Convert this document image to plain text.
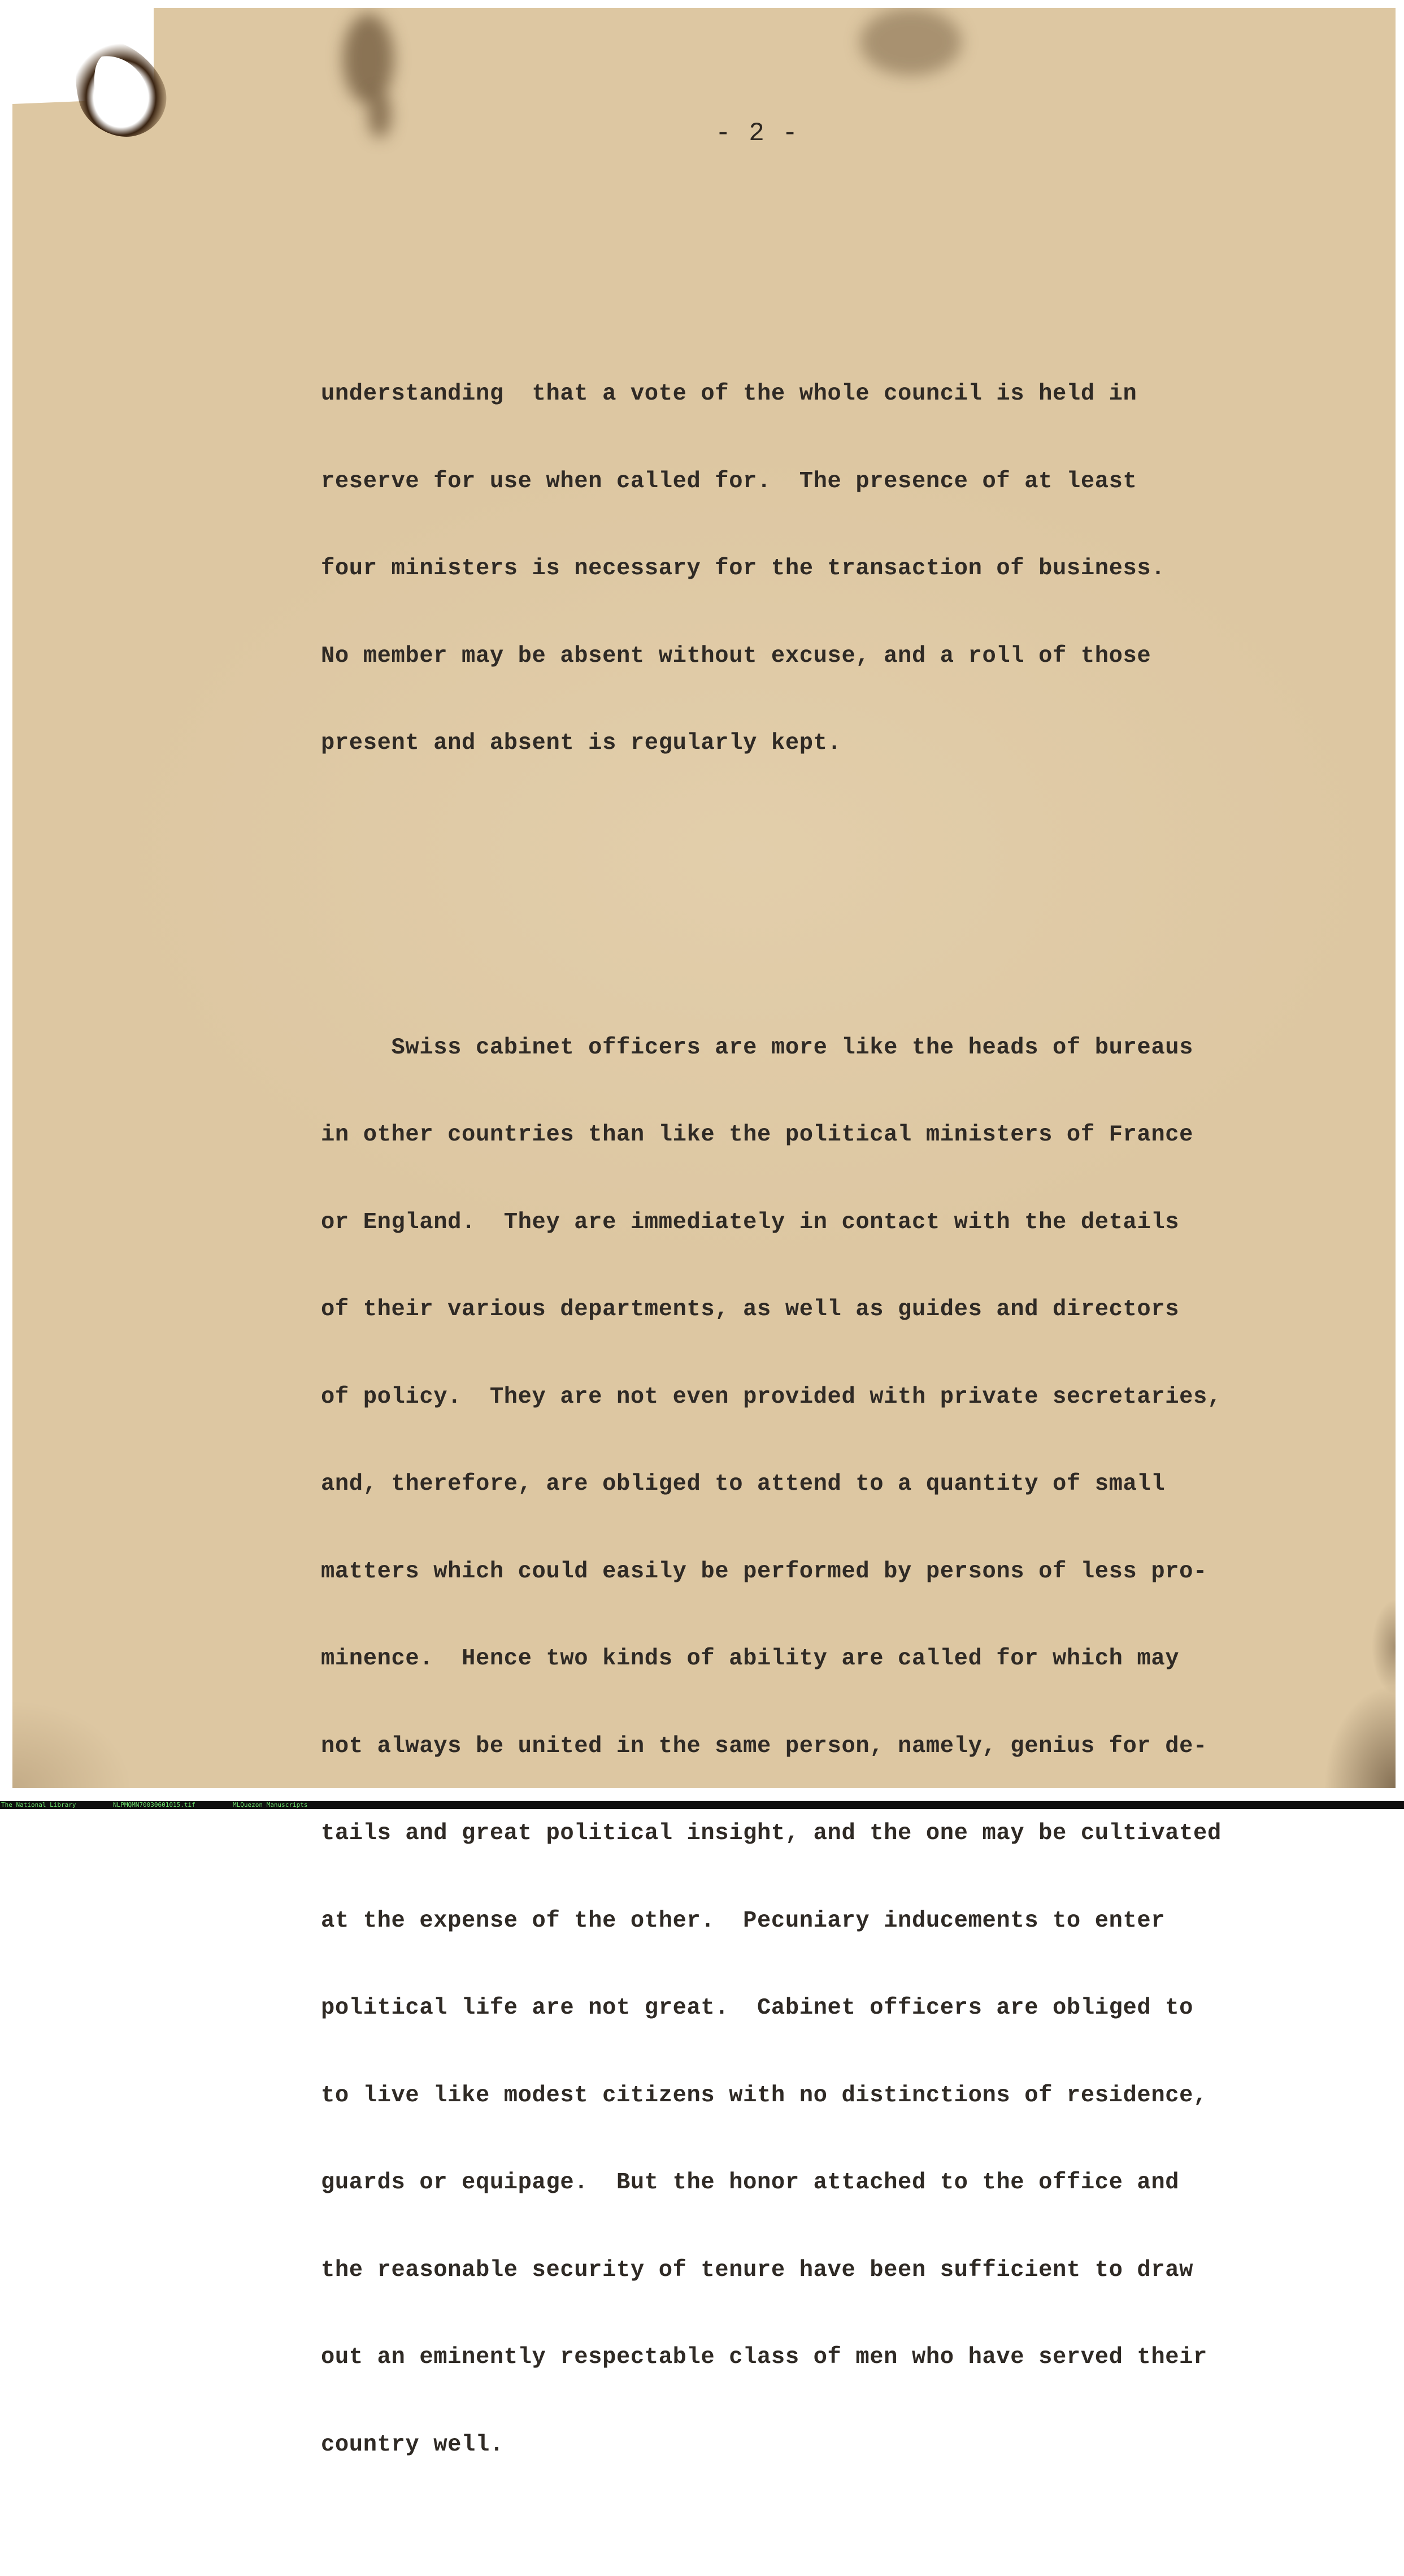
- 2 -

understanding  that a vote of the whole council is held in

reserve for use when called for.  The presence of at least

four ministers is necessary for the transaction of business.

No member may be absent without excuse, and a roll of those

present and absent is regularly kept.

Swiss cabinet officers are more like the heads of bureaus

in other countries than like the political ministers of France

or England.  They are immediately in contact with the details

of their various departments, as well as guides and directors

of policy.  They are not even provided with private secretaries,

and, therefore, are obliged to attend to a quantity of small

matters which could easily be performed by persons of less pro-

minence.  Hence two kinds of ability are called for which may

not always be united in the same person, namely, genius for de-

tails and great political insight, and the one may be cultivated

at the expense of the other.  Pecuniary inducements to enter

political life are not great.  Cabinet officers are obliged to

to live like modest citizens with no distinctions of residence,

guards or equipage.  But the honor attached to the office and

the reasonable security of tenure have been sufficient to draw

out an eminently respectable class of men who have served their

country well.

The National Library	NLPMQMN70030601015.tif	MLQuezon Manuscripts
